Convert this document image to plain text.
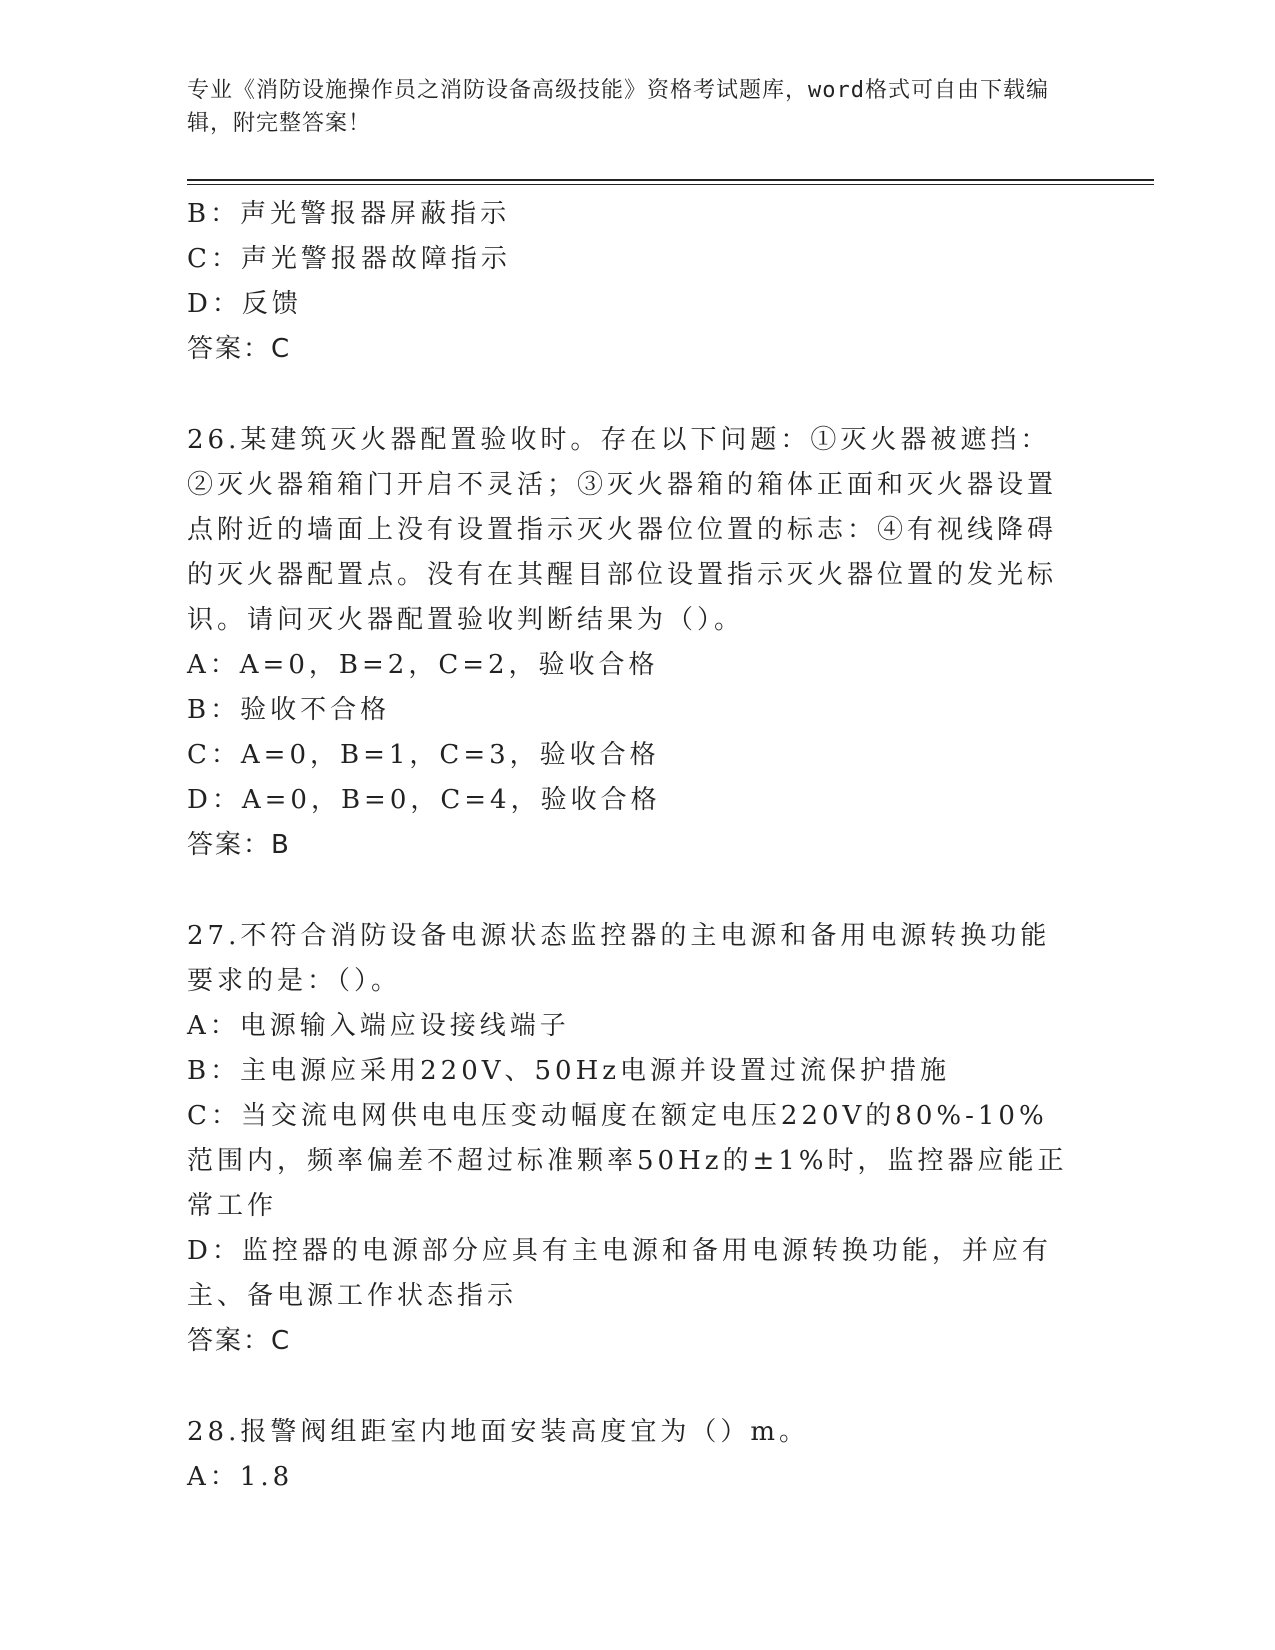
专业《消防设施操作员之消防设备高级技能》资格考试题库，word格式可自由下载编辑，附完整答案！
B：声光警报器屏蔽指示
C：声光警报器故障指示
D：反馈
答案：C
26.某建筑灭火器配置验收时。存在以下问题：①灭火器被遮挡：②灭火器箱箱门开启不灵活；③灭火器箱的箱体正面和灭火器设置点附近的墙面上没有设置指示灭火器位位置的标志：④有视线降碍的灭火器配置点。没有在其醒目部位设置指示灭火器位置的发光标识。请问灭火器配置验收判断结果为（）。
A：A=0，B=2，C=2，验收合格
B：验收不合格
C：A=0，B=1，C=3，验收合格
D：A=0，B=0，C=4，验收合格
答案：B
27.不符合消防设备电源状态监控器的主电源和备用电源转换功能要求的是：（）。
A：电源输入端应设接线端子
B：主电源应采用220V、50Hz电源并设置过流保护措施
C：当交流电网供电电压变动幅度在额定电压220V的80%-10%范围内，频率偏差不超过标准颗率50Hz的±1%时，监控器应能正常工作
D：监控器的电源部分应具有主电源和备用电源转换功能，并应有主、备电源工作状态指示
答案：C
28.报警阀组距室内地面安装高度宜为（）m。
A：1.8
